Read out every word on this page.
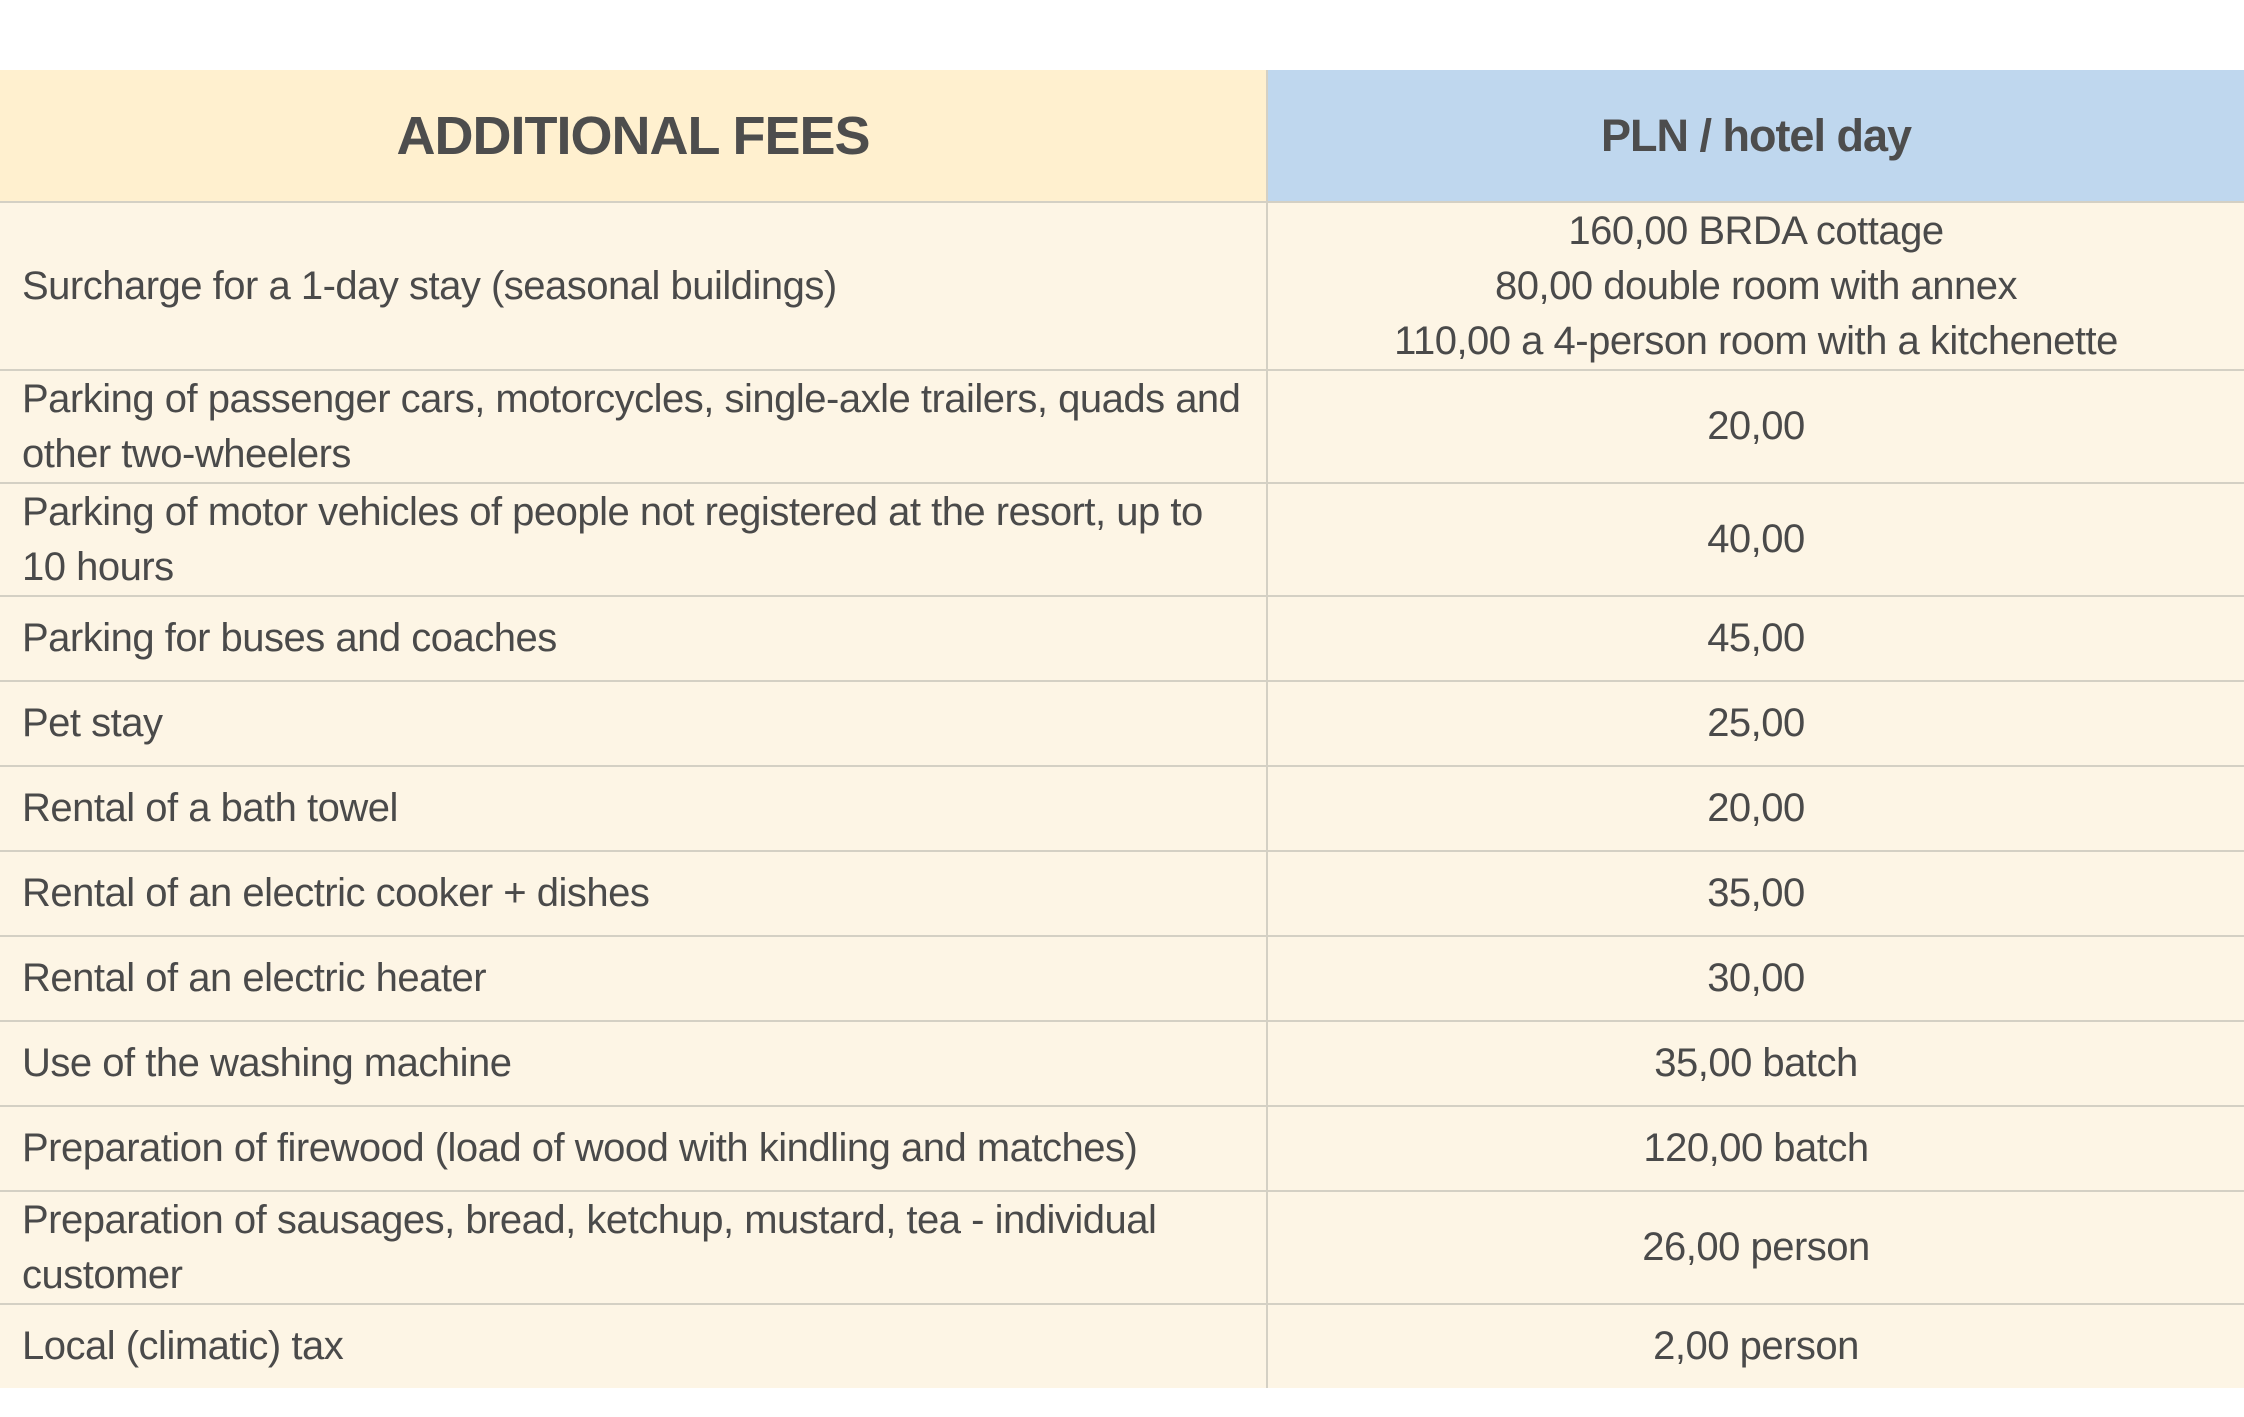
ADDITIONAL FEES	PLN / hotel day
Surcharge for a 1-day stay (seasonal buildings)	160,00 BRDA cottage
80,00 double room with annex
110,00 a 4-person room with a kitchenette

Parking of passenger cars, motorcycles, single-axle trailers, quads and other two-wheelers	20,00
Parking of motor vehicles of people not registered at the resort, up to 10 hours	40,00
Parking for buses and coaches	45,00
Pet stay	25,00
Rental of a bath towel	20,00
Rental of an electric cooker + dishes	35,00
Rental of an electric heater	30,00
Use of the washing machine	35,00 batch
Preparation of firewood (load of wood with kindling and matches)	120,00 batch
Preparation of sausages, bread, ketchup, mustard, tea - individual customer	26,00 person
Local (climatic) tax	2,00 person
